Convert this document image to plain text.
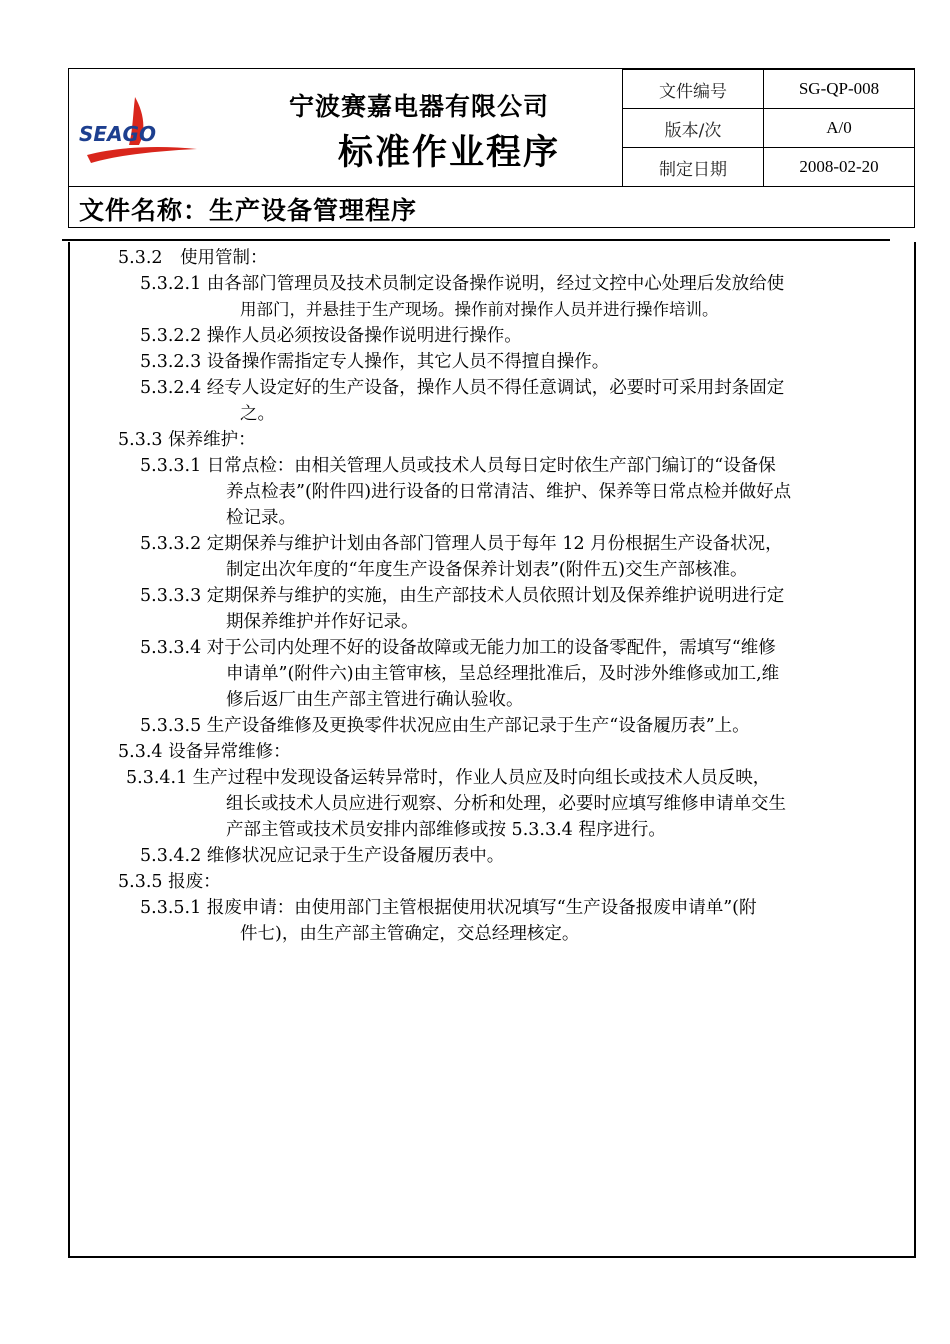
SEAGO
宁波赛嘉电器有限公司
标准作业程序
文件编号	SG-QP-008
版本/次	A/0
制定日期	2008-02-20
文件名称：生产设备管理程序
5.3.2　使用管制：
5.3.2.1 由各部门管理员及技术员制定设备操作说明，经过文控中心处理后发放给使
用部门，并悬挂于生产现场。操作前对操作人员并进行操作培训。
5.3.2.2 操作人员必须按设备操作说明进行操作。
5.3.2.3 设备操作需指定专人操作，其它人员不得擅自操作。
5.3.2.4 经专人设定好的生产设备，操作人员不得任意调试，必要时可采用封条固定
之。
5.3.3 保养维护：
5.3.3.1 日常点检：由相关管理人员或技术人员每日定时依生产部门编订的“设备保
养点检表”(附件四)进行设备的日常清洁、维护、保养等日常点检并做好点
检记录。
5.3.3.2 定期保养与维护计划由各部门管理人员于每年 12 月份根据生产设备状况，
制定出次年度的“年度生产设备保养计划表”(附件五)交生产部核准。
5.3.3.3 定期保养与维护的实施，由生产部技术人员依照计划及保养维护说明进行定
期保养维护并作好记录。
5.3.3.4 对于公司内处理不好的设备故障或无能力加工的设备零配件，需填写“维修
申请单”(附件六)由主管审核，呈总经理批准后，及时涉外维修或加工,维
修后返厂由生产部主管进行确认验收。
5.3.3.5 生产设备维修及更换零件状况应由生产部记录于生产“设备履历表”上。
5.3.4 设备异常维修：
5.3.4.1 生产过程中发现设备运转异常时，作业人员应及时向组长或技术人员反映，
组长或技术人员应进行观察、分析和处理，必要时应填写维修申请单交生
产部主管或技术员安排内部维修或按 5.3.3.4 程序进行。
5.3.4.2 维修状况应记录于生产设备履历表中。
5.3.5 报废：
5.3.5.1 报废申请：由使用部门主管根据使用状况填写“生产设备报废申请单”(附
件七)，由生产部主管确定，交总经理核定。
